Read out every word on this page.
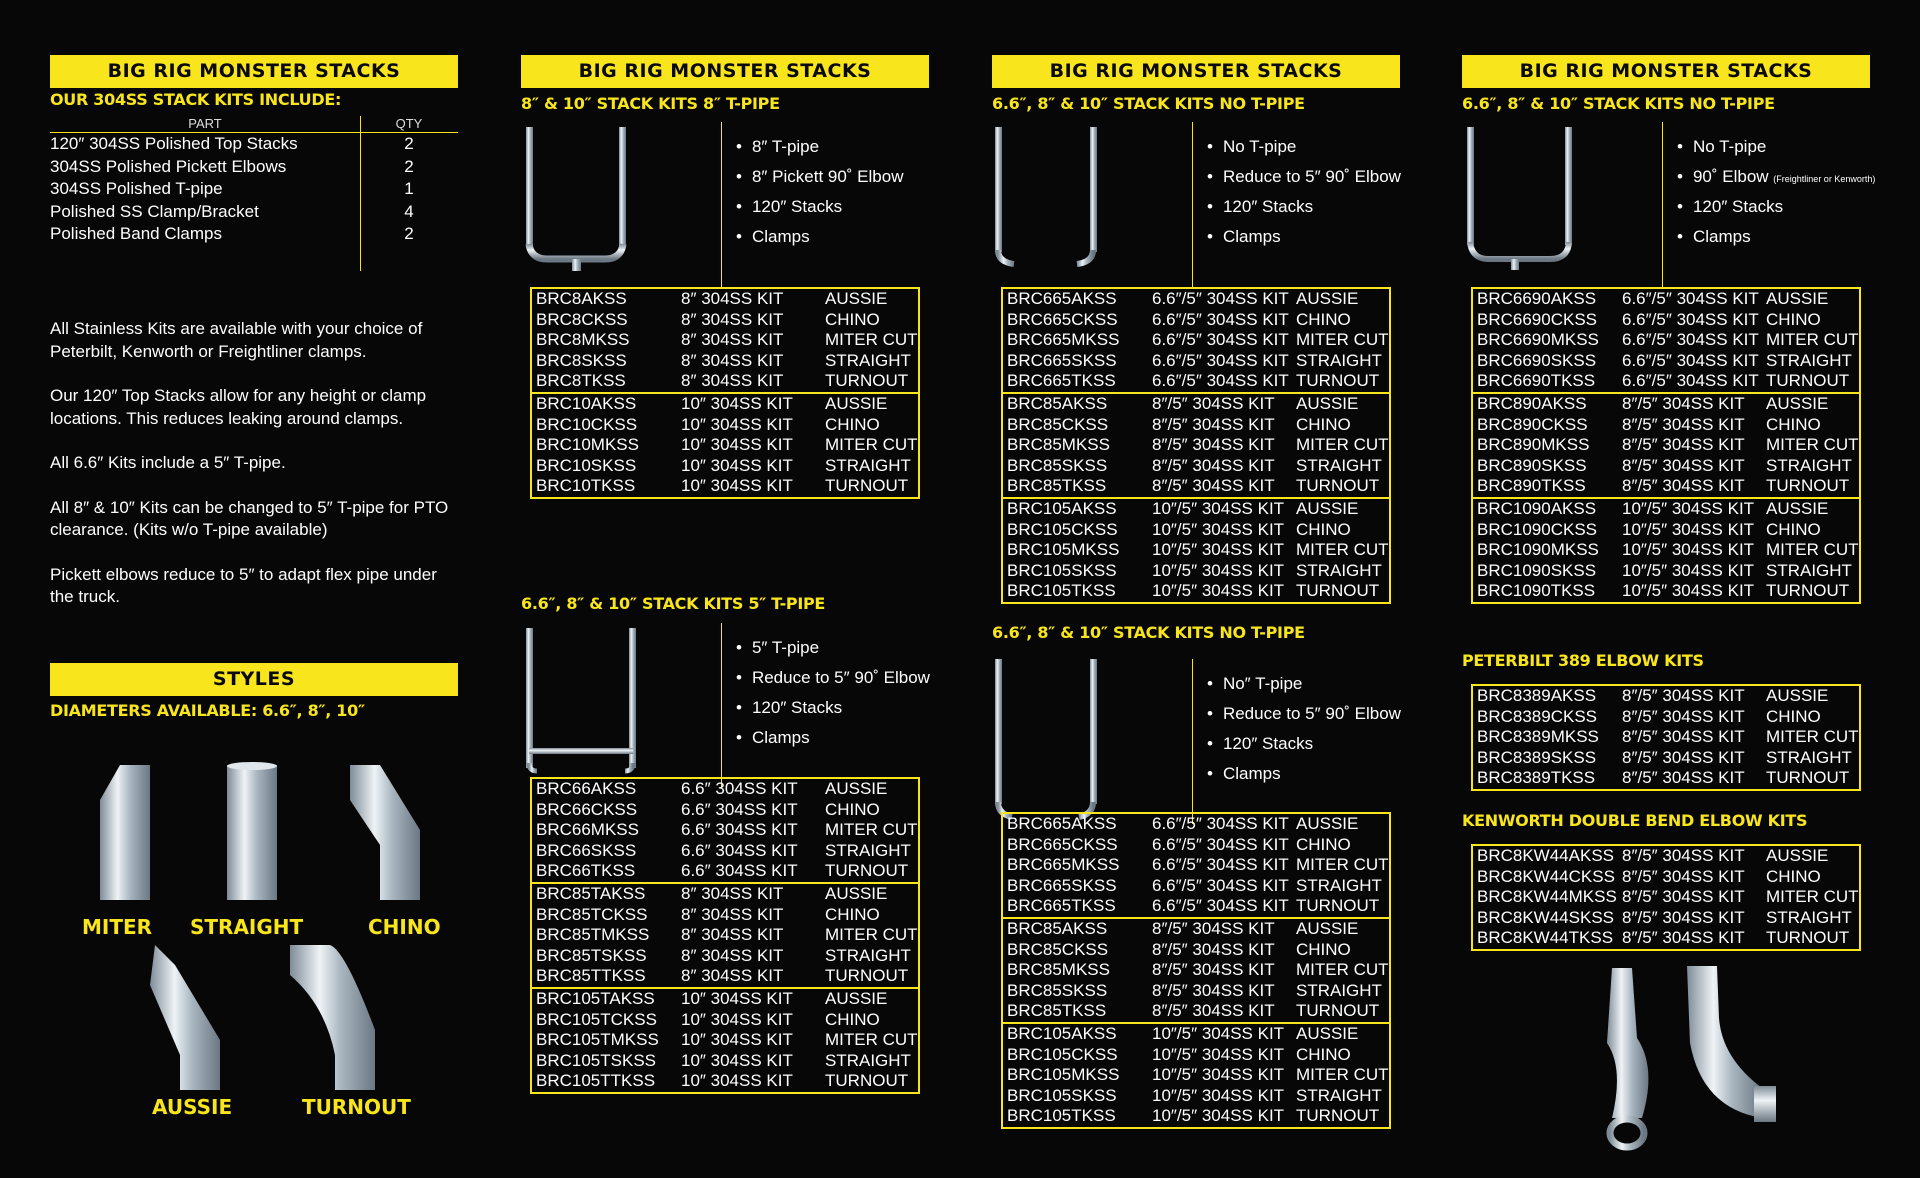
BIG RIG MONSTER STACKS
OUR 304SS STACK KITS INCLUDE:
PART	QTY
120″ 304SS Polished Top Stacks	2
304SS Polished Pickett Elbows	2
304SS Polished T-pipe	1
Polished SS Clamp/Bracket	4
Polished Band Clamps	2

All Stainless Kits are available with your choice of Peterbilt, Kenworth or Freightliner clamps.

Our 120″ Top Stacks allow for any height or clamp locations. This reduces leaking around clamps.

All 6.6″ Kits include a 5″ T-pipe.

All 8″ & 10″ Kits can be changed to 5″ T-pipe for PTO clearance. (Kits w/o T-pipe available)

Pickett elbows reduce to 5″ to adapt flex pipe under the truck.

STYLES
DIAMETERS AVAILABLE: 6.6″, 8″, 10″
MITER STRAIGHT	CHINO
AUSSIE	TURNOUT
BIG RIG MONSTER STACKS
8″ & 10″ STACK KITS 8″ T-PIPE
• 8″ T-pipe
• 8″ Pickett 90˚ Elbow
• 120″ Stacks
• Clamps
BRC8AKSS	8″ 304SS KIT	AUSSIE
BRC8CKSS	8″ 304SS KIT	CHINO
BRC8MKSS	8″ 304SS KIT	MITER CUT
BRC8SKSS	8″ 304SS KIT	STRAIGHT
BRC8TKSS	8″ 304SS KIT	TURNOUT
BRC10AKSS	10″ 304SS KIT	AUSSIE
BRC10CKSS	10″ 304SS KIT	CHINO
BRC10MKSS	10″ 304SS KIT	MITER CUT
BRC10SKSS	10″ 304SS KIT	STRAIGHT
BRC10TKSS	10″ 304SS KIT	TURNOUT
6.6″, 8″ & 10″ STACK KITS 5″ T-PIPE
• 5″ T-pipe
• Reduce to 5″ 90˚ Elbow
• 120″ Stacks
• Clamps
BRC66AKSS	6.6″ 304SS KIT	AUSSIE
BRC66CKSS	6.6″ 304SS KIT	CHINO
BRC66MKSS	6.6″ 304SS KIT	MITER CUT
BRC66SKSS	6.6″ 304SS KIT	STRAIGHT
BRC66TKSS	6.6″ 304SS KIT	TURNOUT
BRC85TAKSS	8″ 304SS KIT	AUSSIE
BRC85TCKSS	8″ 304SS KIT	CHINO
BRC85TMKSS	8″ 304SS KIT	MITER CUT
BRC85TSKSS	8″ 304SS KIT	STRAIGHT
BRC85TTKSS	8″ 304SS KIT	TURNOUT
BRC105TAKSS	10″ 304SS KIT	AUSSIE
BRC105TCKSS	10″ 304SS KIT	CHINO
BRC105TMKSS	10″ 304SS KIT	MITER CUT
BRC105TSKSS	10″ 304SS KIT	STRAIGHT
BRC105TTKSS	10″ 304SS KIT	TURNOUT
BIG RIG MONSTER STACKS
6.6″, 8″ & 10″ STACK KITS NO T-PIPE
• No T-pipe
• Reduce to 5″ 90˚ Elbow
• 120″ Stacks
• Clamps
BRC665AKSS	6.6″/5″ 304SS KIT	AUSSIE
BRC665CKSS	6.6″/5″ 304SS KIT	CHINO
BRC665MKSS	6.6″/5″ 304SS KIT	MITER CUT
BRC665SKSS	6.6″/5″ 304SS KIT	STRAIGHT
BRC665TKSS	6.6″/5″ 304SS KIT	TURNOUT
BRC85AKSS	8″/5″ 304SS KIT	AUSSIE
BRC85CKSS	8″/5″ 304SS KIT	CHINO
BRC85MKSS	8″/5″ 304SS KIT	MITER CUT
BRC85SKSS	8″/5″ 304SS KIT	STRAIGHT
BRC85TKSS	8″/5″ 304SS KIT	TURNOUT
BRC105AKSS	10″/5″ 304SS KIT	AUSSIE
BRC105CKSS	10″/5″ 304SS KIT	CHINO
BRC105MKSS	10″/5″ 304SS KIT	MITER CUT
BRC105SKSS	10″/5″ 304SS KIT	STRAIGHT
BRC105TKSS	10″/5″ 304SS KIT	TURNOUT
6.6″, 8″ & 10″ STACK KITS NO T-PIPE
• No″ T-pipe
• Reduce to 5″ 90˚ Elbow
• 120″ Stacks
• Clamps
BRC665AKSS	6.6″/5″ 304SS KIT	AUSSIE
BRC665CKSS	6.6″/5″ 304SS KIT	CHINO
BRC665MKSS	6.6″/5″ 304SS KIT	MITER CUT
BRC665SKSS	6.6″/5″ 304SS KIT	STRAIGHT
BRC665TKSS	6.6″/5″ 304SS KIT	TURNOUT
BRC85AKSS	8″/5″ 304SS KIT	AUSSIE
BRC85CKSS	8″/5″ 304SS KIT	CHINO
BRC85MKSS	8″/5″ 304SS KIT	MITER CUT
BRC85SKSS	8″/5″ 304SS KIT	STRAIGHT
BRC85TKSS	8″/5″ 304SS KIT	TURNOUT
BRC105AKSS	10″/5″ 304SS KIT	AUSSIE
BRC105CKSS	10″/5″ 304SS KIT	CHINO
BRC105MKSS	10″/5″ 304SS KIT	MITER CUT
BRC105SKSS	10″/5″ 304SS KIT	STRAIGHT
BRC105TKSS	10″/5″ 304SS KIT	TURNOUT
BIG RIG MONSTER STACKS
6.6″, 8″ & 10″ STACK KITS NO T-PIPE
• No T-pipe
• 90˚ Elbow (Freightliner or Kenworth)
• 120″ Stacks
• Clamps
BRC6690AKSS	6.6″/5″ 304SS KIT	AUSSIE
BRC6690CKSS	6.6″/5″ 304SS KIT	CHINO
BRC6690MKSS	6.6″/5″ 304SS KIT	MITER CUT
BRC6690SKSS	6.6″/5″ 304SS KIT	STRAIGHT
BRC6690TKSS	6.6″/5″ 304SS KIT	TURNOUT
BRC890AKSS	8″/5″ 304SS KIT	AUSSIE
BRC890CKSS	8″/5″ 304SS KIT	CHINO
BRC890MKSS	8″/5″ 304SS KIT	MITER CUT
BRC890SKSS	8″/5″ 304SS KIT	STRAIGHT
BRC890TKSS	8″/5″ 304SS KIT	TURNOUT
BRC1090AKSS	10″/5″ 304SS KIT	AUSSIE
BRC1090CKSS	10″/5″ 304SS KIT	CHINO
BRC1090MKSS	10″/5″ 304SS KIT	MITER CUT
BRC1090SKSS	10″/5″ 304SS KIT	STRAIGHT
BRC1090TKSS	10″/5″ 304SS KIT	TURNOUT
PETERBILT 389 ELBOW KITS
BRC8389AKSS	8″/5″ 304SS KIT	AUSSIE
BRC8389CKSS	8″/5″ 304SS KIT	CHINO
BRC8389MKSS	8″/5″ 304SS KIT	MITER CUT
BRC8389SKSS	8″/5″ 304SS KIT	STRAIGHT
BRC8389TKSS	8″/5″ 304SS KIT	TURNOUT
KENWORTH DOUBLE BEND ELBOW KITS
BRC8KW44AKSS	8″/5″ 304SS KIT	AUSSIE
BRC8KW44CKSS	8″/5″ 304SS KIT	CHINO
BRC8KW44MKSS	8″/5″ 304SS KIT	MITER CUT
BRC8KW44SKSS	8″/5″ 304SS KIT	STRAIGHT
BRC8KW44TKSS	8″/5″ 304SS KIT	TURNOUT
